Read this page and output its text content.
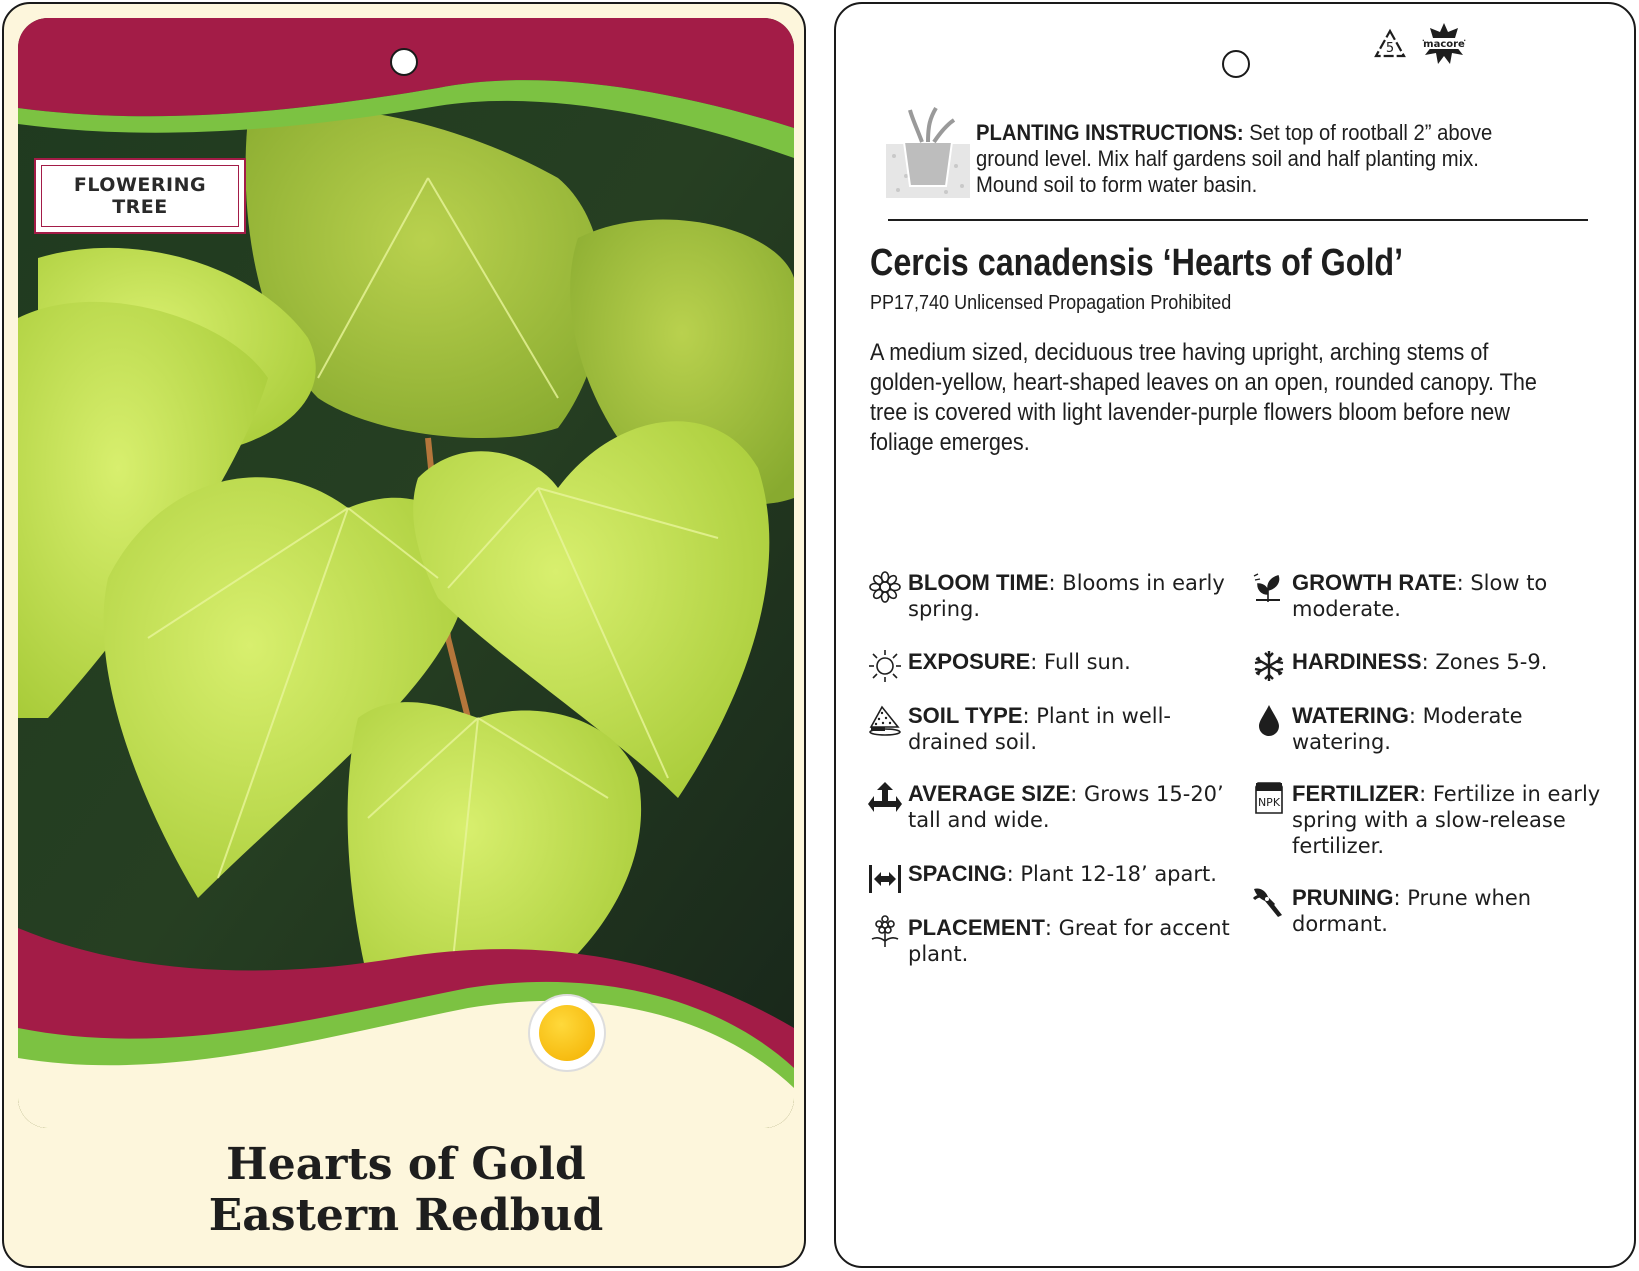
FLOWERING TREE
Hearts of Gold
Eastern Redbud
5	macore
PLANTING INSTRUCTIONS: Set top of rootball 2” above ground level. Mix half gardens soil and half planting mix. Mound soil to form water basin.
Cercis canadensis ‘Hearts of Gold’
PP17,740 Unlicensed Propagation Prohibited
A medium sized, deciduous tree having upright, arching stems of golden-yellow, heart-shaped leaves on an open, rounded canopy. The tree is covered with light lavender-purple flowers bloom before new foliage emerges.
BLOOM TIME: Blooms in early spring.
EXPOSURE: Full sun.
SOIL TYPE: Plant in well-drained soil.
AVERAGE SIZE: Grows 15-20’ tall and wide.
SPACING: Plant 12-18’ apart.
PLACEMENT: Great for accent plant.
GROWTH RATE: Slow to moderate.
HARDINESS: Zones 5-9.
WATERING: Moderate watering.
NPK FERTILIZER: Fertilize in early spring with a slow-release fertilizer.
PRUNING: Prune when dormant.
